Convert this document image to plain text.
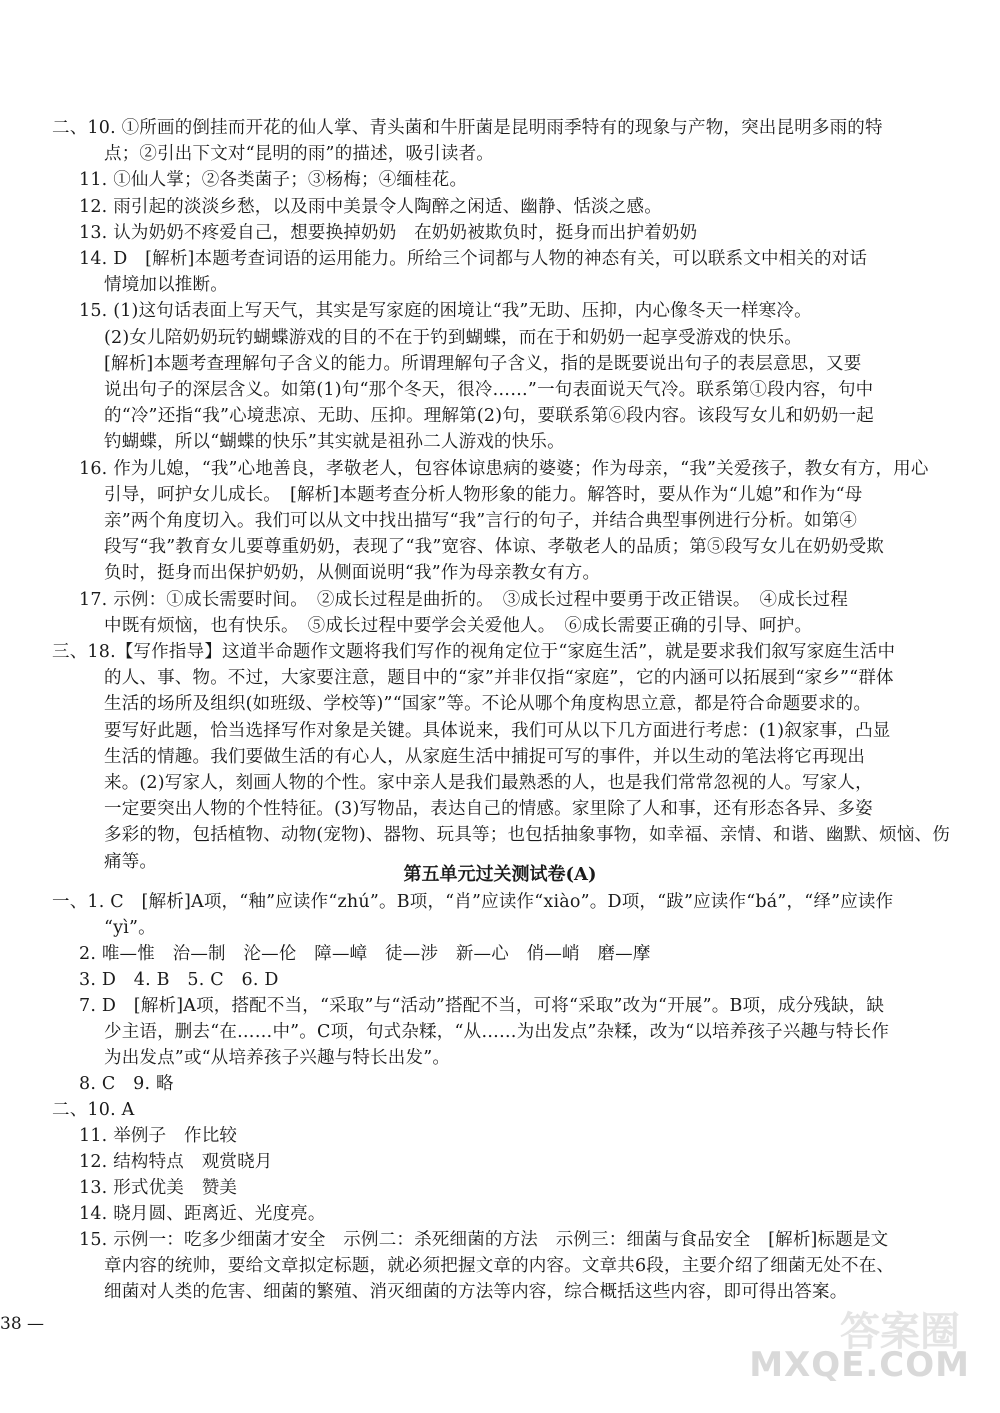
二、10. ①所画的倒挂而开花的仙人掌、青头菌和牛肝菌是昆明雨季特有的现象与产物，突出昆明多雨的特
点；②引出下文对“昆明的雨”的描述，吸引读者。
11. ①仙人掌；②各类菌子；③杨梅；④缅桂花。
12. 雨引起的淡淡乡愁，以及雨中美景令人陶醉之闲适、幽静、恬淡之感。
13. 认为奶奶不疼爱自己，想要换掉奶奶　在奶奶被欺负时，挺身而出护着奶奶
14. D　[解析]本题考查词语的运用能力。所给三个词都与人物的神态有关，可以联系文中相关的对话
情境加以推断。
15. (1)这句话表面上写天气，其实是写家庭的困境让“我”无助、压抑，内心像冬天一样寒冷。
(2)女儿陪奶奶玩钓蝴蝶游戏的目的不在于钓到蝴蝶，而在于和奶奶一起享受游戏的快乐。
[解析]本题考查理解句子含义的能力。所谓理解句子含义，指的是既要说出句子的表层意思，又要
说出句子的深层含义。如第(1)句“那个冬天，很冷……”一句表面说天气冷。联系第①段内容，句中
的“冷”还指“我”心境悲凉、无助、压抑。理解第(2)句，要联系第⑥段内容。该段写女儿和奶奶一起
钓蝴蝶，所以“蝴蝶的快乐”其实就是祖孙二人游戏的快乐。
16. 作为儿媳，“我”心地善良，孝敬老人，包容体谅患病的婆婆；作为母亲，“我”关爱孩子，教女有方，用心
引导，呵护女儿成长。　[解析]本题考查分析人物形象的能力。解答时，要从作为“儿媳”和作为“母
亲”两个角度切入。我们可以从文中找出描写“我”言行的句子，并结合典型事例进行分析。如第④
段写“我”教育女儿要尊重奶奶，表现了“我”宽容、体谅、孝敬老人的品质；第⑤段写女儿在奶奶受欺
负时，挺身而出保护奶奶，从侧面说明“我”作为母亲教女有方。
17. 示例：①成长需要时间。　②成长过程是曲折的。　③成长过程中要勇于改正错误。　④成长过程
中既有烦恼，也有快乐。　⑤成长过程中要学会关爱他人。　⑥成长需要正确的引导、呵护。
三、18.【写作指导】这道半命题作文题将我们写作的视角定位于“家庭生活”，就是要求我们叙写家庭生活中
的人、事、物。不过，大家要注意，题目中的“家”并非仅指“家庭”，它的内涵可以拓展到“家乡”“群体
生活的场所及组织(如班级、学校等)”“国家”等。不论从哪个角度构思立意，都是符合命题要求的。
要写好此题，恰当选择写作对象是关键。具体说来，我们可从以下几方面进行考虑：(1)叙家事，凸显
生活的情趣。我们要做生活的有心人，从家庭生活中捕捉可写的事件，并以生动的笔法将它再现出
来。(2)写家人，刻画人物的个性。家中亲人是我们最熟悉的人，也是我们常常忽视的人。写家人，
一定要突出人物的个性特征。(3)写物品，表达自己的情感。家里除了人和事，还有形态各异、多姿
多彩的物，包括植物、动物(宠物)、器物、玩具等；也包括抽象事物，如幸福、亲情、和谐、幽默、烦恼、伤
痛等。
第五单元过关测试卷(A)
一、1. C　[解析]A项，“釉”应读作“zhú”。B项，“肖”应读作“xiào”。D项，“跋”应读作“bá”，“绎”应读作
“yì”。
2. 唯—惟　治—制　沦—伦　障—嶂　徒—涉　新—心　俏—峭　磨—摩
3. D　4. B　5. C　6. D
7. D　[解析]A项，搭配不当，“采取”与“活动”搭配不当，可将“采取”改为“开展”。B项，成分残缺，缺
少主语，删去“在……中”。C项，句式杂糅，“从……为出发点”杂糅，改为“以培养孩子兴趣与特长作
为出发点”或“从培养孩子兴趣与特长出发”。
8. C　9. 略
二、10. A
11. 举例子　作比较
12. 结构特点　观赏晓月
13. 形式优美　赞美
14. 晓月圆、距离近、光度亮。
15. 示例一：吃多少细菌才安全　示例二：杀死细菌的方法　示例三：细菌与食品安全　[解析]标题是文
章内容的统帅，要给文章拟定标题，就必须把握文章的内容。文章共6段，主要介绍了细菌无处不在、
细菌对人类的危害、细菌的繁殖、消灭细菌的方法等内容，综合概括这些内容，即可得出答案。
38 —	答案圈
MXQE.COM
